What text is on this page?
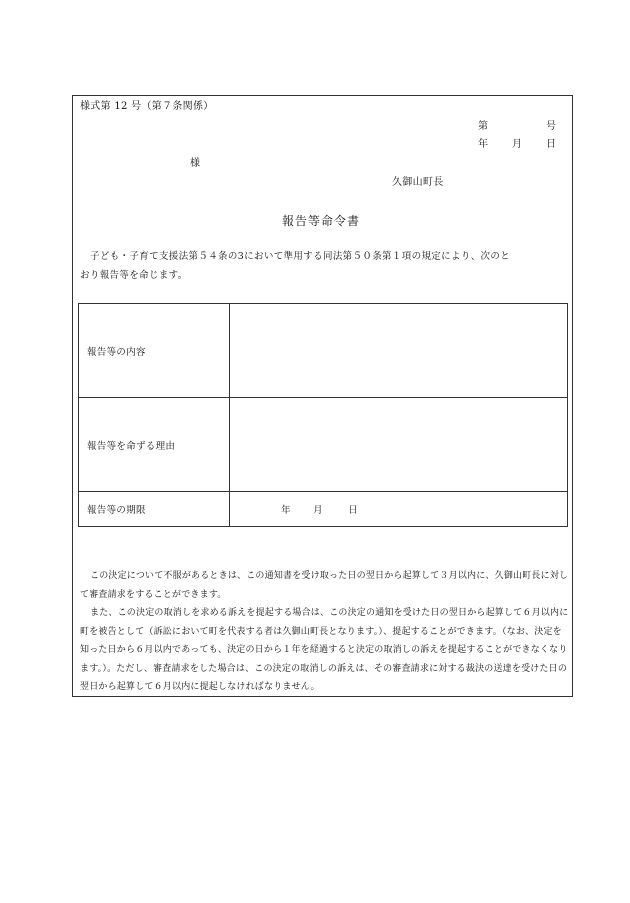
様式第 12 号（第７条関係）
第	号
年 月 日
様
久御山町長
報告等命令書

子ども・子育て支援法第５４条の3において準用する同法第５０条第１項の規定により、次のと

おり報告等を命じます。

報告等の内容	
報告等を命ずる理由	
報告等の期限	年 月 日

この決定について不服があるときは、この通知書を受け取った日の翌日から起算して３月以内に、久御山町長に対して審査請求をすることができます。

また、この決定の取消しを求める訴えを提起する場合は、この決定の通知を受けた日の翌日から起算して６月以内に町を被告として（訴訟において町を代表する者は久御山町長となります。）、提起することができます。（なお、決定を知った日から６月以内であっても、決定の日から１年を経過すると決定の取消しの訴えを提起することができなくなります。）。ただし、審査請求をした場合は、この決定の取消しの訴えは、その審査請求に対する裁決の送達を受けた日の翌日から起算して６月以内に提起しなければなりません。
